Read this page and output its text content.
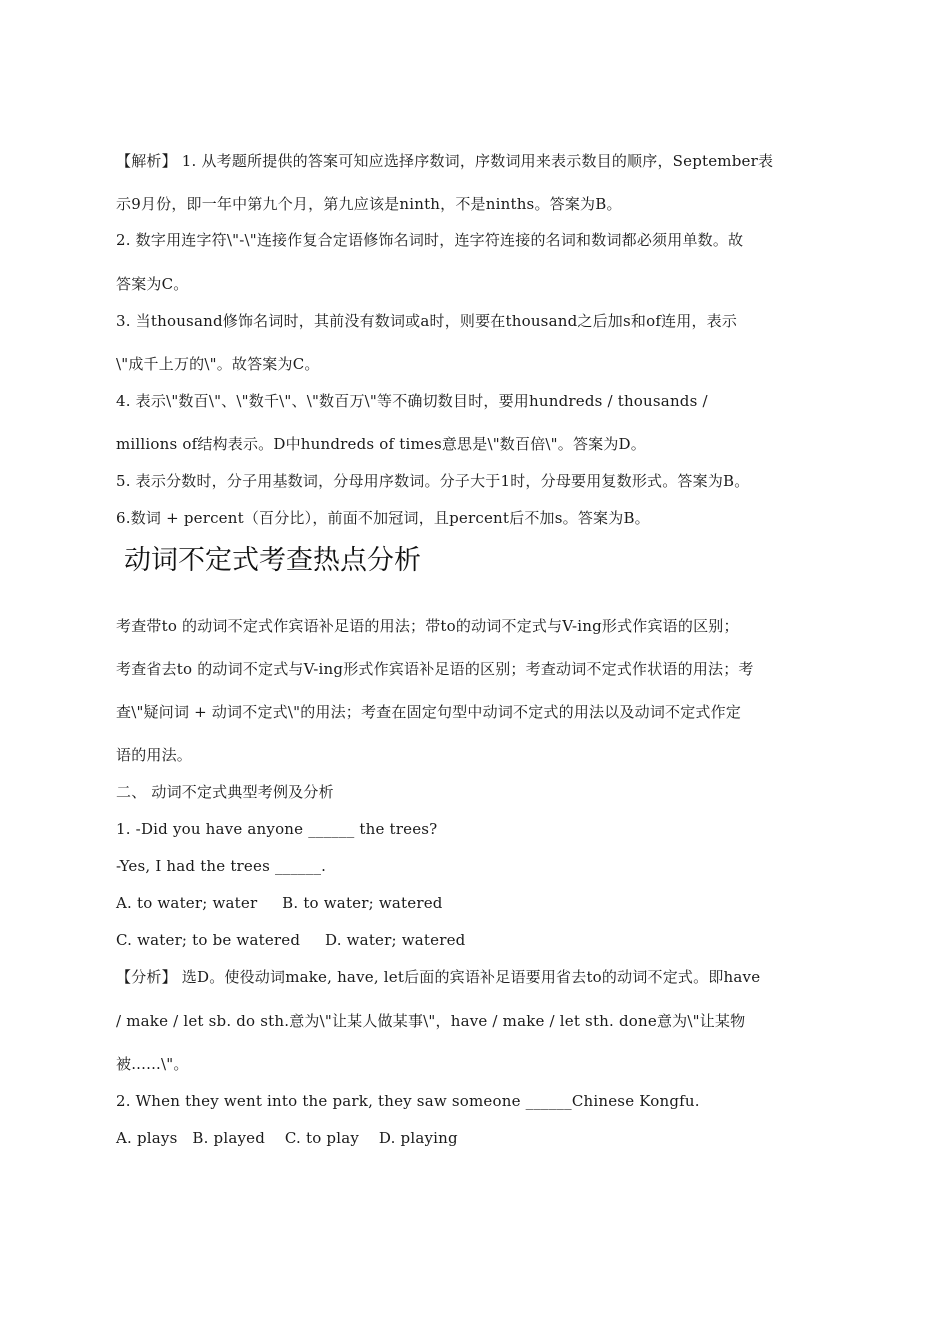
【解析】 1. 从考题所提供的答案可知应选择序数词，序数词用来表示数目的顺序，September表
示9月份，即一年中第九个月，第九应该是ninth，不是ninths。答案为B。
2. 数字用连字符\"-\"连接作复合定语修饰名词时，连字符连接的名词和数词都必须用单数。故
答案为C。
3. 当thousand修饰名词时，其前没有数词或a时，则要在thousand之后加s和of连用，表示
\"成千上万的\"。故答案为C。
4. 表示\"数百\"、\"数千\"、\"数百万\"等不确切数目时，要用hundreds / thousands /
millions of结构表示。D中hundreds of times意思是\"数百倍\"。答案为D。
5. 表示分数时，分子用基数词，分母用序数词。分子大于1时，分母要用复数形式。答案为B。
6.数词 + percent（百分比），前面不加冠词，且percent后不加s。答案为B。
动词不定式考查热点分析
考查带to 的动词不定式作宾语补足语的用法；带to的动词不定式与V-ing形式作宾语的区别；
考查省去to 的动词不定式与V-ing形式作宾语补足语的区别；考查动词不定式作状语的用法；考
查\"疑问词 + 动词不定式\"的用法；考查在固定句型中动词不定式的用法以及动词不定式作定
语的用法。
二、 动词不定式典型考例及分析
1. -Did you have anyone ______ the trees?
-Yes, I had the trees ______.
A. to water; water     B. to water; watered
C. water; to be watered     D. water; watered
【分析】 选D。使役动词make, have, let后面的宾语补足语要用省去to的动词不定式。即have
/ make / let sb. do sth.意为\"让某人做某事\"，have / make / let sth. done意为\"让某物
被......\"。
2. When they went into the park, they saw someone ______Chinese Kongfu.
A. plays   B. played    C. to play    D. playing
